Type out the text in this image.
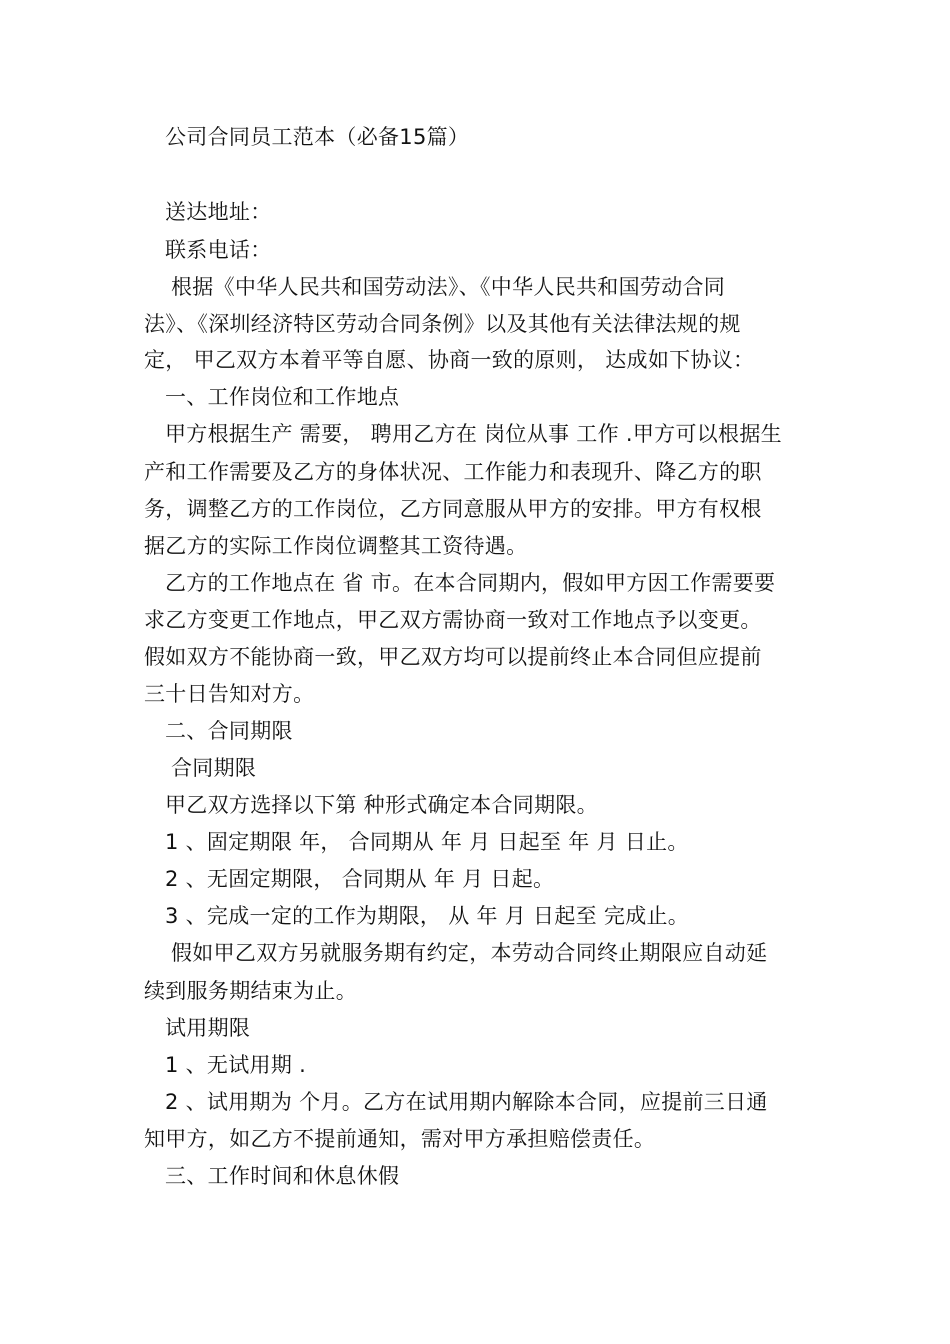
公司合同员工范本（必备15篇）
送达地址：
联系电话：
根据《中华人民共和国劳动法》、《中华人民共和国劳动合同
法》、《深圳经济特区劳动合同条例》以及其他有关法律法规的规
定， 甲乙双方本着平等自愿、协商一致的原则， 达成如下协议：
一、工作岗位和工作地点
甲方根据生产 需要， 聘用乙方在 岗位从事 工作 .甲方可以根据生
产和工作需要及乙方的身体状况、工作能力和表现升、降乙方的职
务，调整乙方的工作岗位，乙方同意服从甲方的安排。甲方有权根
据乙方的实际工作岗位调整其工资待遇。
乙方的工作地点在 省 市。在本合同期内，假如甲方因工作需要要
求乙方变更工作地点，甲乙双方需协商一致对工作地点予以变更。
假如双方不能协商一致，甲乙双方均可以提前终止本合同但应提前
三十日告知对方。
二、合同期限
合同期限
甲乙双方选择以下第 种形式确定本合同期限。
1 、固定期限 年， 合同期从 年 月 日起至 年 月 日止。
2 、无固定期限， 合同期从 年 月 日起。
3 、完成一定的工作为期限， 从 年 月 日起至 完成止。
假如甲乙双方另就服务期有约定，本劳动合同终止期限应自动延
续到服务期结束为止。
试用期限
1 、无试用期 .
2 、试用期为 个月。乙方在试用期内解除本合同，应提前三日通
知甲方，如乙方不提前通知，需对甲方承担赔偿责任。
三、工作时间和休息休假
